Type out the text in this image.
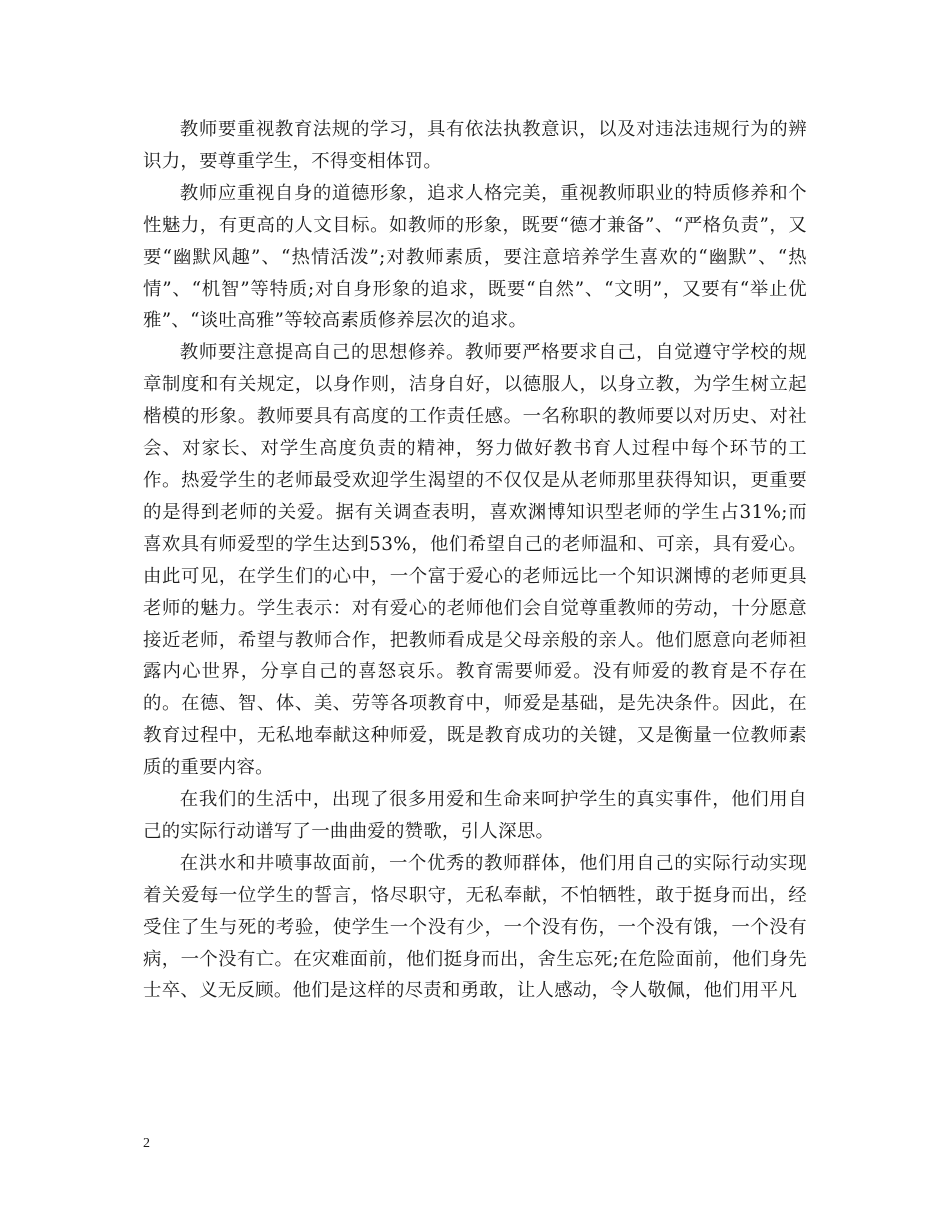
教师要重视教育法规的学习，具有依法执教意识，以及对违法违规行为的辨识力，要尊重学生，不得变相体罚。

教师应重视自身的道德形象，追求人格完美，重视教师职业的特质修养和个性魅力，有更高的人文目标。如教师的形象，既要“德才兼备”、“严格负责”，又要“幽默风趣”、“热情活泼”;对教师素质，要注意培养学生喜欢的“幽默”、“热情”、“机智”等特质;对自身形象的追求，既要“自然”、“文明”，又要有“举止优雅”、“谈吐高雅”等较高素质修养层次的追求。

教师要注意提高自己的思想修养。教师要严格要求自己，自觉遵守学校的规章制度和有关规定，以身作则，洁身自好，以德服人，以身立教，为学生树立起楷模的形象。教师要具有高度的工作责任感。一名称职的教师要以对历史、对社会、对家长、对学生高度负责的精神，努力做好教书育人过程中每个环节的工作。热爱学生的老师最受欢迎学生渴望的不仅仅是从老师那里获得知识，更重要的是得到老师的关爱。据有关调查表明，喜欢渊博知识型老师的学生占31%;而喜欢具有师爱型的学生达到53%，他们希望自己的老师温和、可亲，具有爱心。由此可见，在学生们的心中，一个富于爱心的老师远比一个知识渊博的老师更具老师的魅力。学生表示：对有爱心的老师他们会自觉尊重教师的劳动，十分愿意接近老师，希望与教师合作，把教师看成是父母亲般的亲人。他们愿意向老师袒露内心世界，分享自己的喜怒哀乐。教育需要师爱。没有师爱的教育是不存在的。在德、智、体、美、劳等各项教育中，师爱是基础，是先决条件。因此，在教育过程中，无私地奉献这种师爱，既是教育成功的关键，又是衡量一位教师素质的重要内容。

在我们的生活中，出现了很多用爱和生命来呵护学生的真实事件，他们用自己的实际行动谱写了一曲曲爱的赞歌，引人深思。

在洪水和井喷事故面前，一个优秀的教师群体，他们用自己的实际行动实现着关爱每一位学生的誓言，恪尽职守，无私奉献，不怕牺牲，敢于挺身而出，经受住了生与死的考验，使学生一个没有少，一个没有伤，一个没有饿，一个没有病，一个没有亡。在灾难面前，他们挺身而出，舍生忘死;在危险面前，他们身先士卒、义无反顾。他们是这样的尽责和勇敢，让人感动，令人敬佩，他们用平凡

2
